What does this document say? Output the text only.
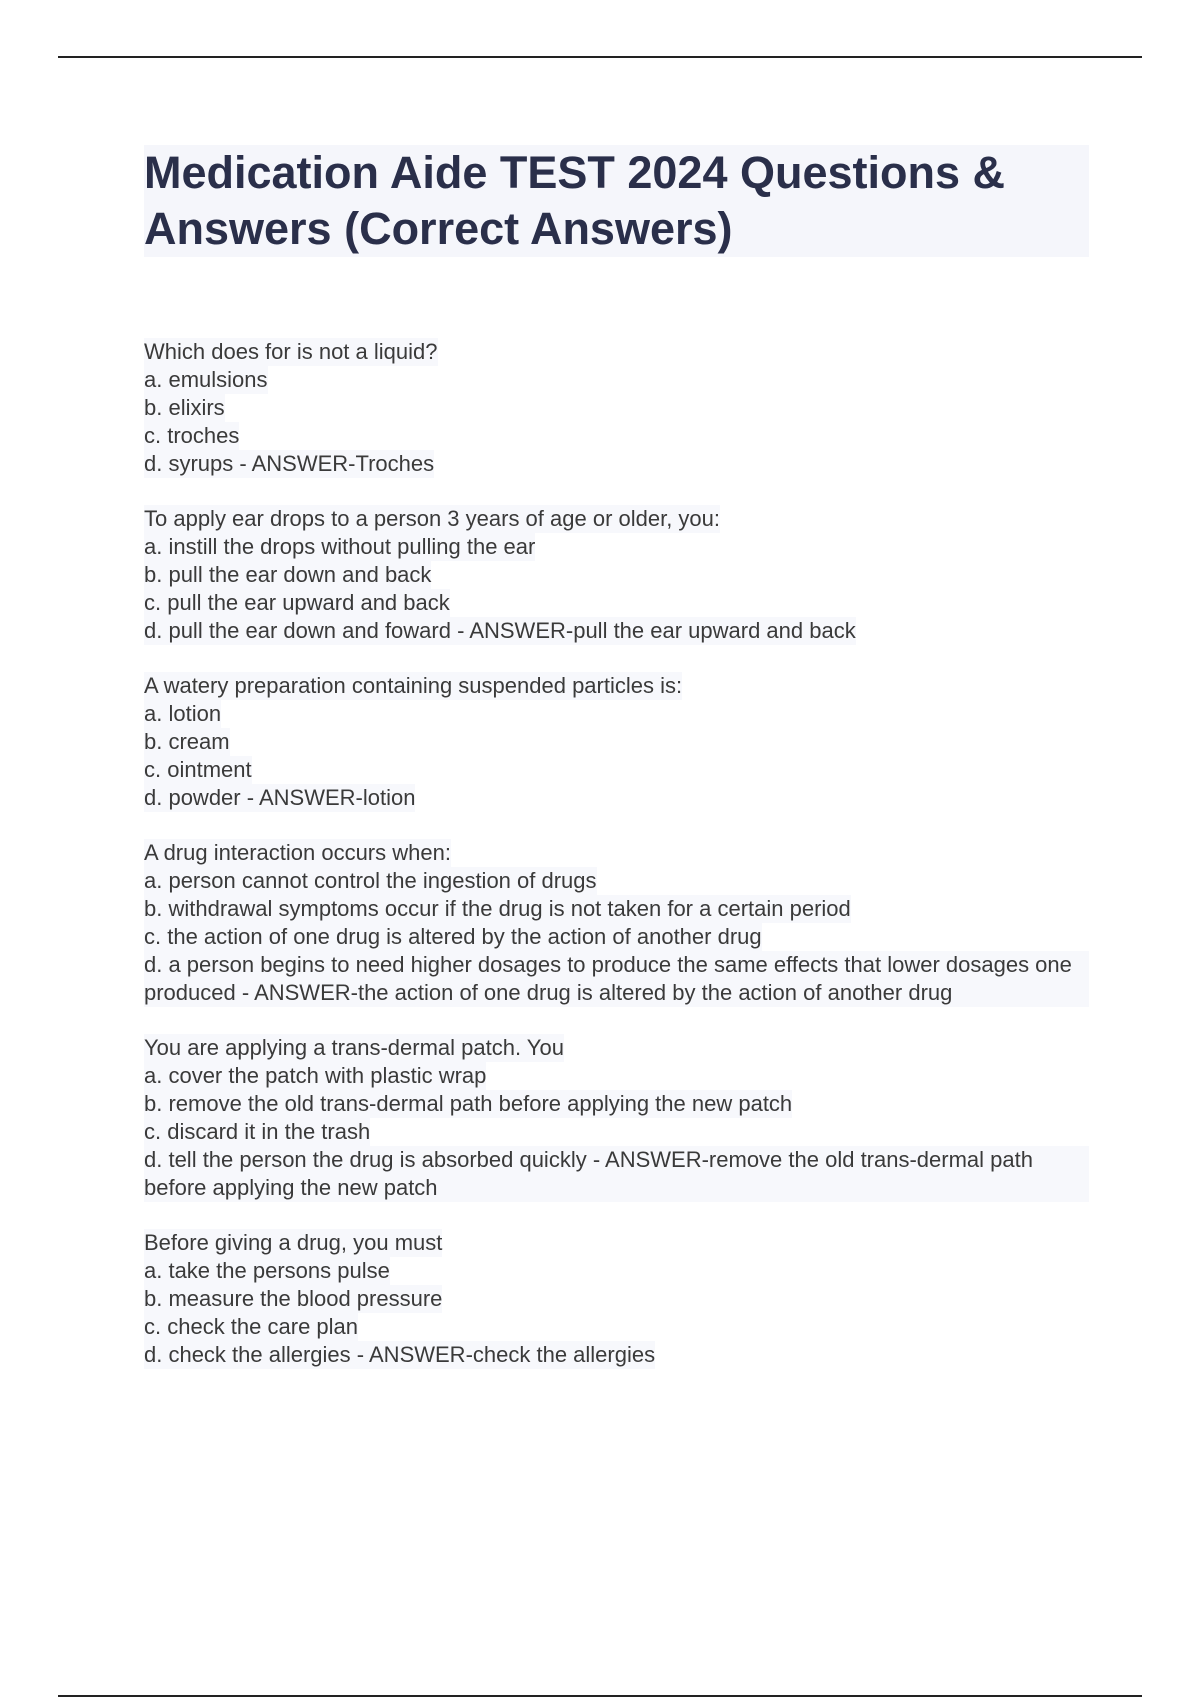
Medication Aide TEST 2024 Questions & Answers (Correct Answers)
Which does for is not a liquid?
a. emulsions
b. elixirs
c. troches
d. syrups - ANSWER-Troches
To apply ear drops to a person 3 years of age or older, you:
a. instill the drops without pulling the ear
b. pull the ear down and back
c. pull the ear upward and back
d. pull the ear down and foward - ANSWER-pull the ear upward and back
A watery preparation containing suspended particles is:
a. lotion
b. cream
c. ointment
d. powder - ANSWER-lotion
A drug interaction occurs when:
a. person cannot control the ingestion of drugs
b. withdrawal symptoms occur if the drug is not taken for a certain period
c. the action of one drug is altered by the action of another drug
d. a person begins to need higher dosages to produce the same effects that lower dosages one produced - ANSWER-the action of one drug is altered by the action of another drug
You are applying a trans-dermal patch. You
a. cover the patch with plastic wrap
b. remove the old trans-dermal path before applying the new patch
c. discard it in the trash
d. tell the person the drug is absorbed quickly - ANSWER-remove the old trans-dermal path before applying the new patch
Before giving a drug, you must
a. take the persons pulse
b. measure the blood pressure
c. check the care plan
d. check the allergies - ANSWER-check the allergies
